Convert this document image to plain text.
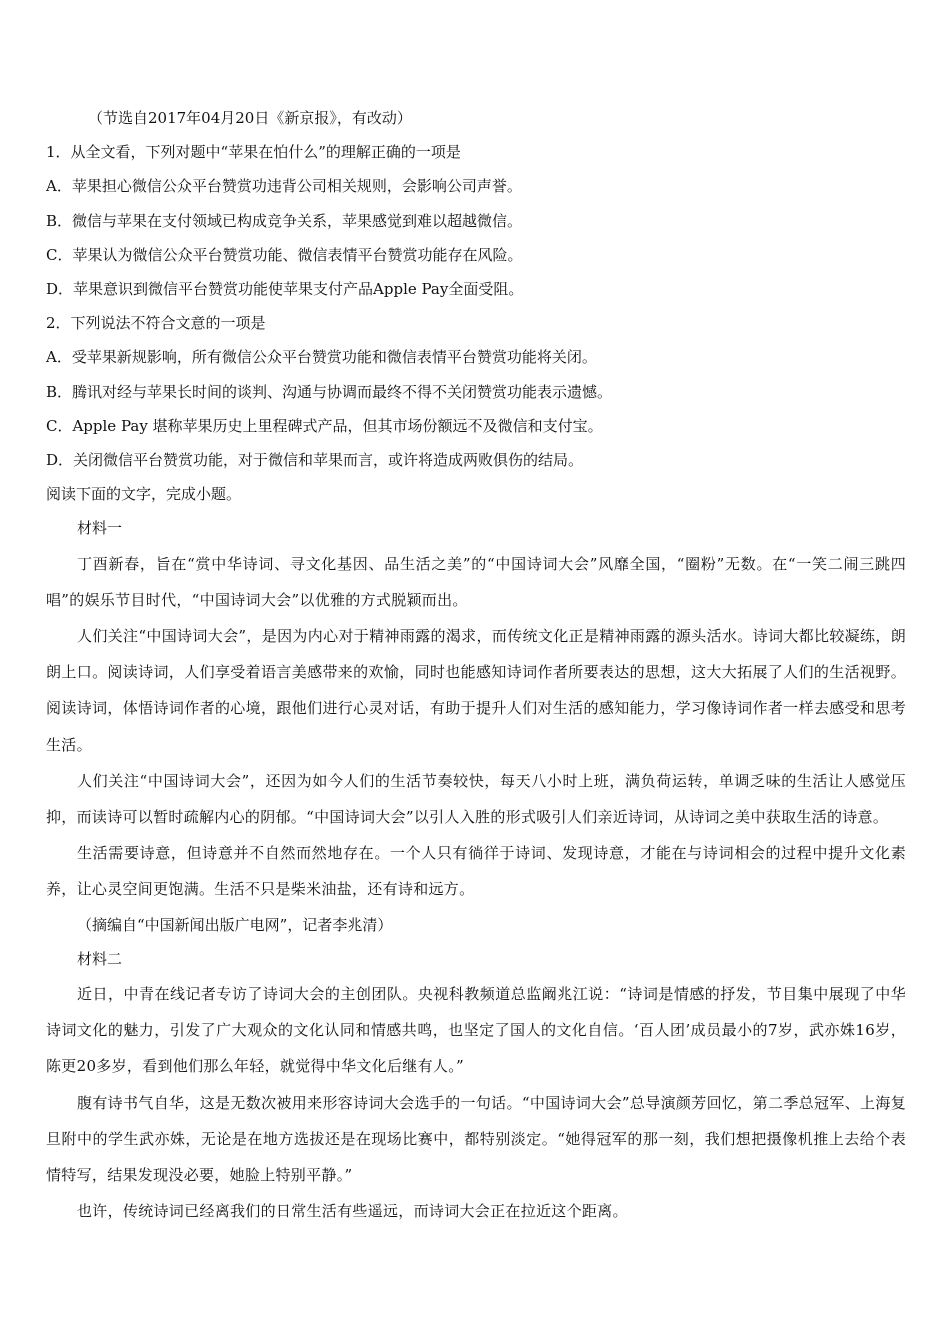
（节选自2017年04月20日《新京报》，有改动）

1．从全文看，下列对题中“苹果在怕什么”的理解正确的一项是

A．苹果担心微信公众平台赞赏功违背公司相关规则，会影响公司声誉。

B．微信与苹果在支付领域已构成竞争关系，苹果感觉到难以超越微信。

C．苹果认为微信公众平台赞赏功能、微信表情平台赞赏功能存在风险。

D．苹果意识到微信平台赞赏功能使苹果支付产品Apple Pay全面受阻。

2．下列说法不符合文意的一项是

A．受苹果新规影响，所有微信公众平台赞赏功能和微信表情平台赞赏功能将关闭。

B．腾讯对经与苹果长时间的谈判、沟通与协调而最终不得不关闭赞赏功能表示遗憾。

C．Apple Pay 堪称苹果历史上里程碑式产品，但其市场份额远不及微信和支付宝。

D．关闭微信平台赞赏功能，对于微信和苹果而言，或许将造成两败俱伤的结局。

阅读下面的文字，完成小题。

材料一

丁酉新春，旨在“赏中华诗词、寻文化基因、品生活之美”的“中国诗词大会”风靡全国，“圈粉”无数。在“一笑二闹三跳四唱”的娱乐节目时代，“中国诗词大会”以优雅的方式脱颖而出。

人们关注“中国诗词大会”，是因为内心对于精神雨露的渴求，而传统文化正是精神雨露的源头活水。诗词大都比较凝练，朗朗上口。阅读诗词，人们享受着语言美感带来的欢愉，同时也能感知诗词作者所要表达的思想，这大大拓展了人们的生活视野。阅读诗词，体悟诗词作者的心境，跟他们进行心灵对话，有助于提升人们对生活的感知能力，学习像诗词作者一样去感受和思考生活。

人们关注“中国诗词大会”，还因为如今人们的生活节奏较快，每天八小时上班，满负荷运转，单调乏味的生活让人感觉压抑，而读诗可以暂时疏解内心的阴郁。“中国诗词大会”以引人入胜的形式吸引人们亲近诗词，从诗词之美中获取生活的诗意。

生活需要诗意，但诗意并不自然而然地存在。一个人只有徜徉于诗词、发现诗意，才能在与诗词相会的过程中提升文化素养，让心灵空间更饱满。生活不只是柴米油盐，还有诗和远方。

（摘编自“中国新闻出版广电网”，记者李兆清）

材料二

近日，中青在线记者专访了诗词大会的主创团队。央视科教频道总监阚兆江说：“诗词是情感的抒发，节目集中展现了中华诗词文化的魅力，引发了广大观众的文化认同和情感共鸣，也坚定了国人的文化自信。‘百人团’成员最小的7岁，武亦姝16岁，陈更20多岁，看到他们那么年轻，就觉得中华文化后继有人。”

腹有诗书气自华，这是无数次被用来形容诗词大会选手的一句话。“中国诗词大会”总导演颜芳回忆，第二季总冠军、上海复旦附中的学生武亦姝，无论是在地方选拔还是在现场比赛中，都特别淡定。“她得冠军的那一刻，我们想把摄像机推上去给个表情特写，结果发现没必要，她脸上特别平静。”

也许，传统诗词已经离我们的日常生活有些遥远，而诗词大会正在拉近这个距离。
